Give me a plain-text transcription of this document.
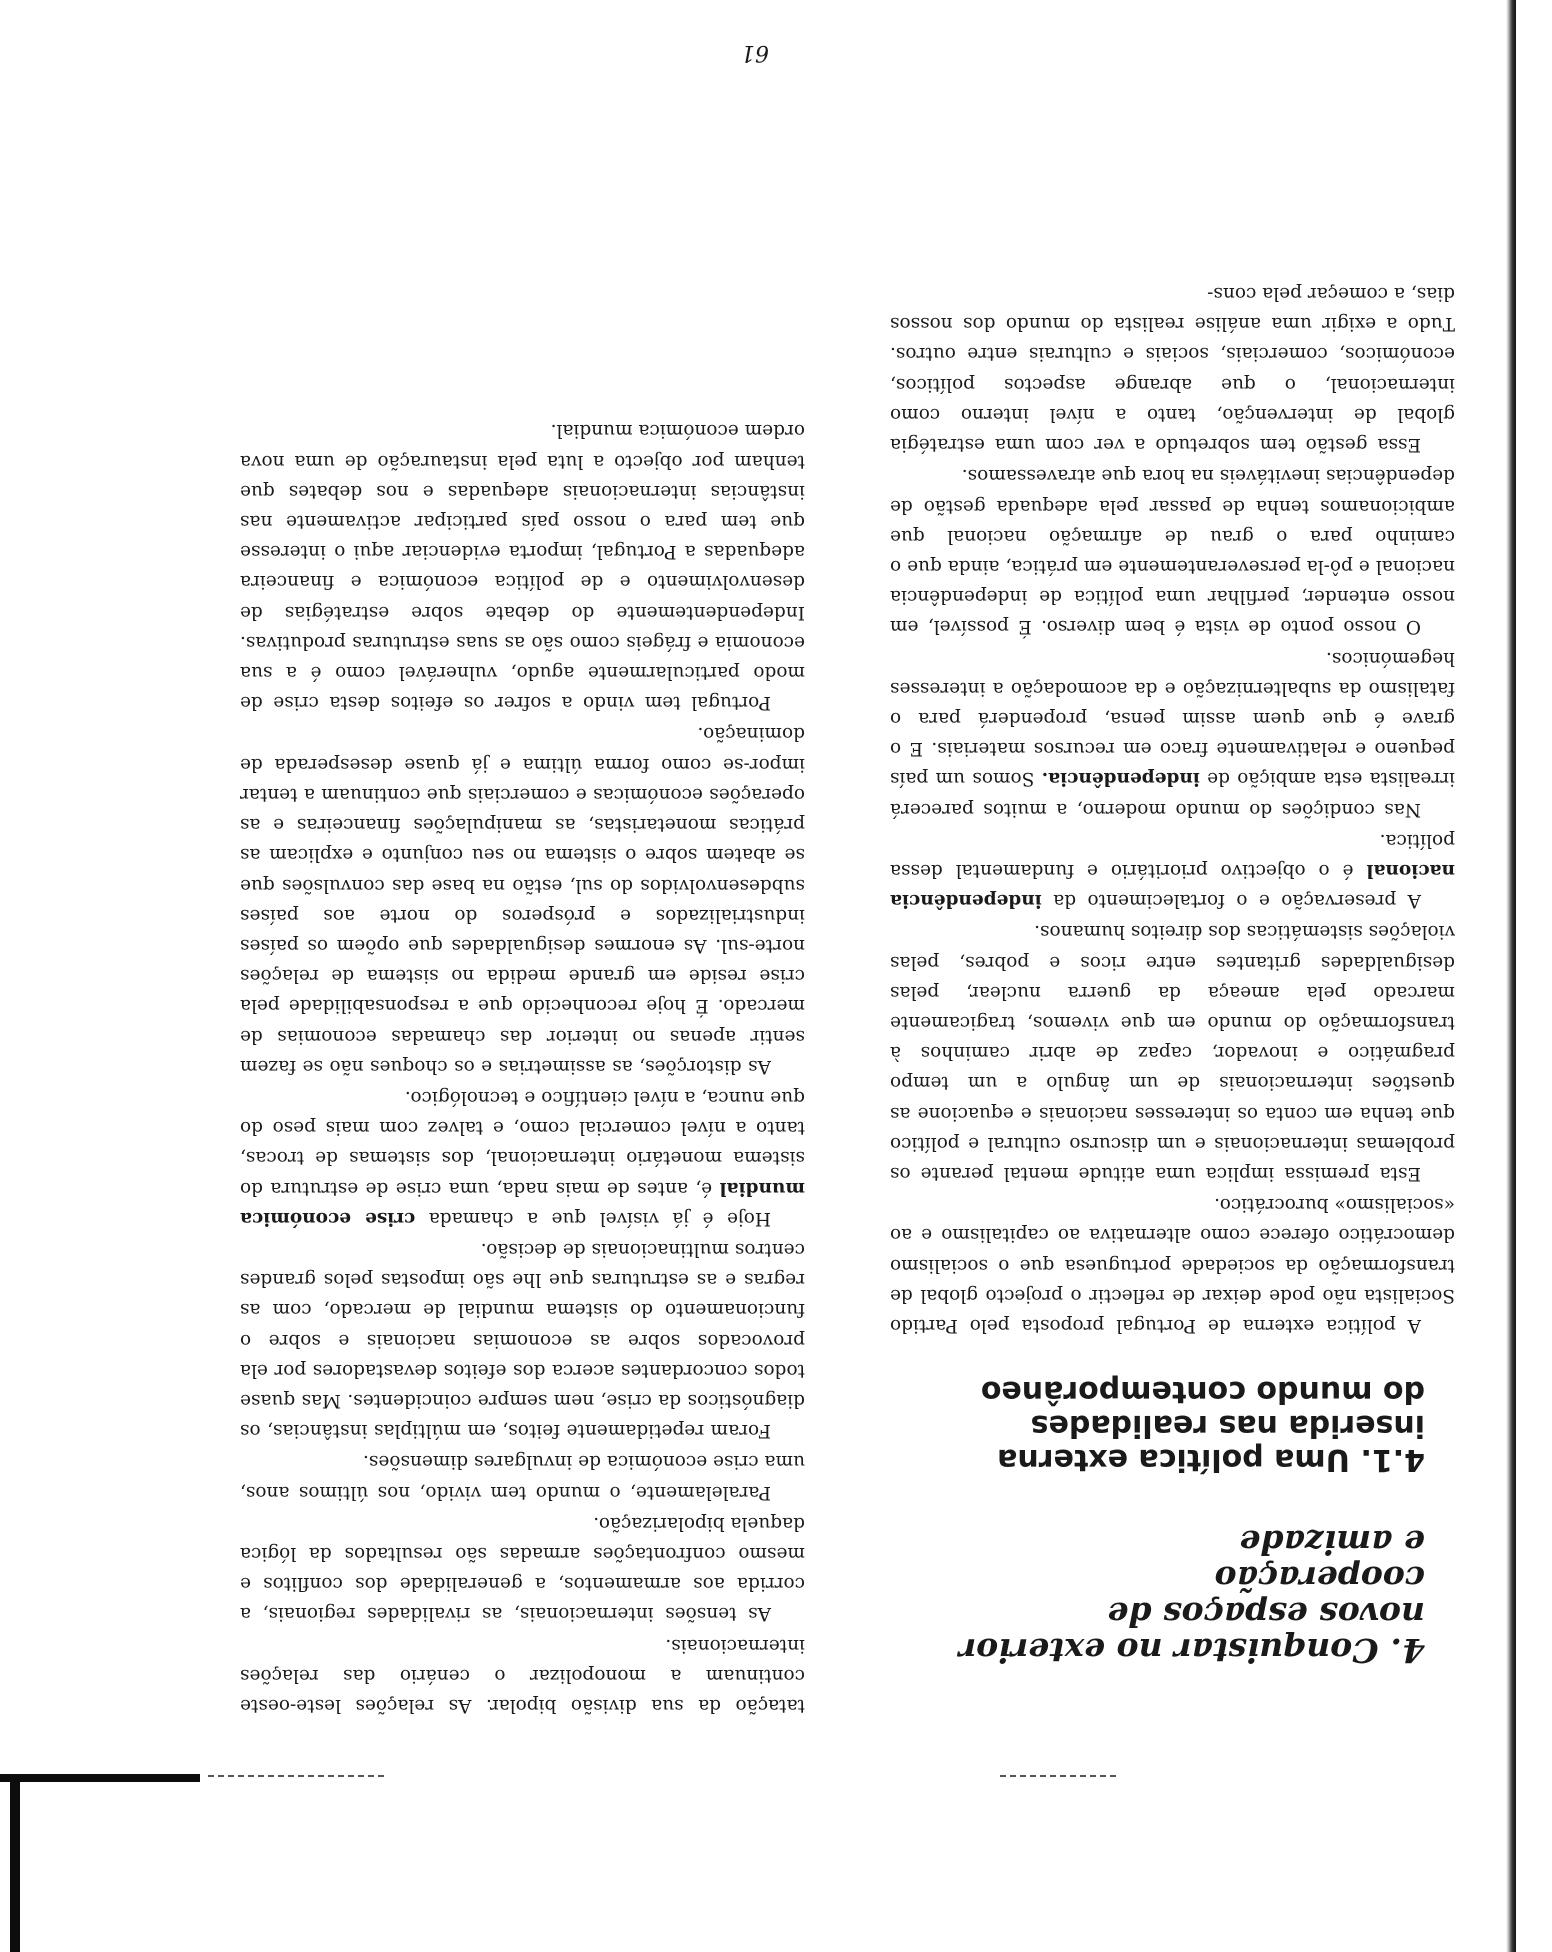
4.Conquistar no exterior
novos espaços de cooperação
e amizade
4.1. Uma política externa
inserida nas realidades
do mundo contemporâneo

A política externa de Portugal proposta pelo Partido Socialista não pode deixar de reflectir o projecto global de transformação da sociedade portuguesa que o socialismo democrático oferece como alternativa ao capitalismo e ao «socialismo» burocrático.

Esta premissa implica uma atitude mental perante os problemas internacionais e um discurso cultural e político que tenha em conta os interesses nacionais e equacione as questões internacionais de um ângulo a um tempo pragmático e inovador, capaz de abrir caminhos à transformação do mundo em que vivemos, tragicamente marcado pela ameaça da guerra nuclear, pelas desigualdades gritantes entre ricos e pobres, pelas violações sistemáticas dos direitos humanos.

A preservação e o fortalecimento da independência nacional é o objectivo prioritário e fundamental dessa política.

Nas condições do mundo moderno, a muitos parecerá irrealista esta ambição de independência. Somos um país pequeno e relativamente fraco em recursos materiais. E o grave é que quem assim pensa, propenderá para o fatalismo da subalternização e da acomodação a interesses hegemónicos.

O nosso ponto de vista é bem diverso. É possível, em nosso entender, perfilhar uma política de independência nacional e pô-la perseverantemente em prática, ainda que o caminho para o grau de afirmação nacional que ambicionamos tenha de passar pela adequada gestão de dependências inevitáveis na hora que atravessamos.

Essa gestão tem sobretudo a ver com uma estratégia global de intervenção, tanto a nível interno como internacional, o que abrange aspectos políticos, económicos, comerciais, sociais e culturais entre outros. Tudo a exigir uma análise realista do mundo dos nossos dias, a começar pela cons-

tatação da sua divisão bipolar. As relações leste-oeste continuam a monopolizar o cenário das relações internacionais.

As tensões internacionais, as rivalidades regionais, a corrida aos armamentos, a generalidade dos conflitos e mesmo confrontações armadas são resultados da lógica daquela bipolarização.

Paralelamente, o mundo tem vivido, nos últimos anos, uma crise económica de invulgares dimensões.

Foram repetidamente feitos, em múltiplas instâncias, os diagnósticos da crise, nem sempre coincidentes. Mas quase todos concordantes acerca dos efeitos devastadores por ela provocados sobre as economias nacionais e sobre o funcionamento do sistema mundial de mercado, com as regras e as estruturas que lhe são impostas pelos grandes centros multinacionais de decisão.

Hoje é já visível que a chamada crise económica mundial é, antes de mais nada, uma crise de estrutura do sistema monetário internacional, dos sistemas de trocas, tanto a nível comercial como, e talvez com mais peso do que nunca, a nível científico e tecnológico.

As distorções, as assimetrias e os choques não se fazem sentir apenas no interior das chamadas economias de mercado. É hoje reconhecido que a responsabilidade pela crise reside em grande medida no sistema de relações norte-sul. As enormes desigualdades que opõem os países industrializados e prósperos do norte aos países subdesenvolvidos do sul, estão na base das convulsões que se abatem sobre o sistema no seu conjunto e explicam as práticas monetaristas, as manipulações financeiras e as operações económicas e comerciais que continuam a tentar impor-se como forma última e já quase desesperada de dominação.

Portugal tem vindo a sofrer os efeitos desta crise de modo particularmente agudo, vulnerável como é a sua economia e frágeis como são as suas estruturas produtivas. Independentemente do debate sobre estratégias de desenvolvimento e de política económica e financeira adequadas a Portugal, importa evidenciar aqui o interesse que tem para o nosso país participar activamente nas instâncias internacionais adequadas e nos debates que tenham por objecto a luta pela instauração de uma nova ordem económica mundial.

61
